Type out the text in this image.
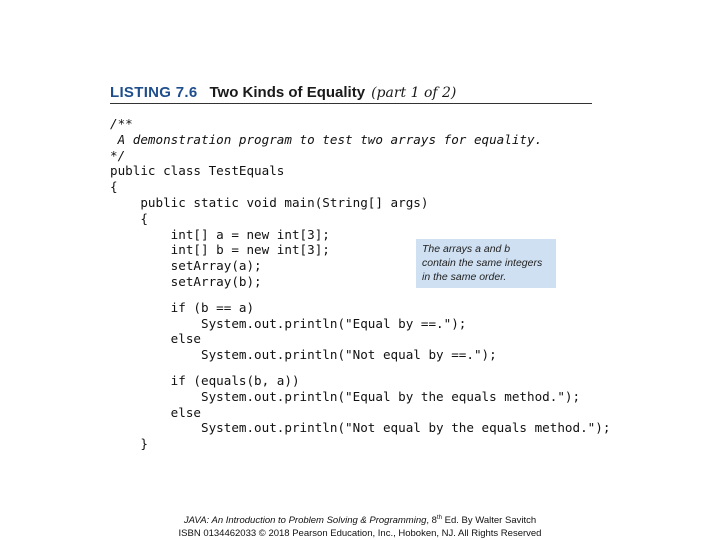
LISTING 7.6 Two Kinds of Equality (part 1 of 2)
/**
A demonstration program to test two arrays for equality.
*/
public class TestEquals
{
public static void main(String[] args)
{
int[] a = new int[3];
int[] b = new int[3];
setArray(a);
setArray(b);
if (b == a)
System.out.println("Equal by ==.");
else
System.out.println("Not equal by ==.");
if (equals(b, a))
System.out.println("Equal by the equals method.");
else
System.out.println("Not equal by the equals method.");
}
The arrays a and b
contain the same integers
in the same order.
JAVA: An Introduction to Problem Solving & Programming, 8th Ed. By Walter Savitch
ISBN 0134462033 © 2018 Pearson Education, Inc., Hoboken, NJ. All Rights Reserved
